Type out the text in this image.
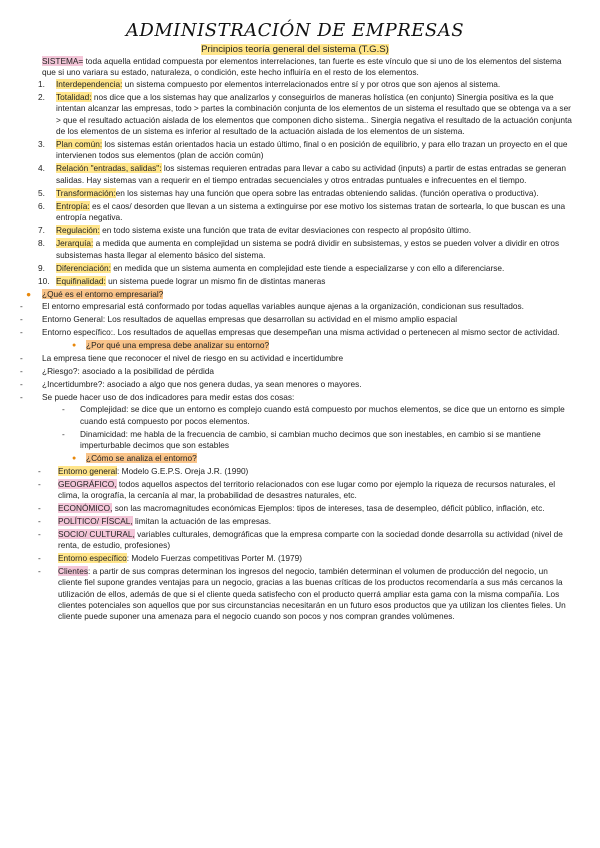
ADMINISTRACIÓN DE EMPRESAS
Principios teoría general del sistema (T.G.S)
SISTEMA= toda aquella entidad compuesta por elementos interrelaciones, tan fuerte es este vínculo que si uno de los elementos del sistema que si uno variara su estado, naturaleza, o condición, este hecho influiría en el resto de los elementos.
1. Interdependencia: un sistema compuesto por elementos interrelacionados entre sí y por otros que son ajenos al sistema.
2. Totalidad: nos dice que a los sistemas hay que analizarlos y conseguirlos de maneras holística (en conjunto) Sinergia positiva es la que intentan alcanzar las empresas, todo > partes la combinación conjunta de los elementos de un sistema el resultado que se obtenga va a ser > que el resultado actuación aislada de los elementos que componen dicho sistema.. Sinergia negativa el resultado de la actuación conjunta de los elementos de un sistema es inferior al resultado de la actuación aislada de los elementos de un sistema.
3. Plan común: los sistemas están orientados hacia un estado último, final o en posición de equilibrio, y para ello trazan un proyecto en el que intervienen todos sus elementos (plan de acción común)
4. Relación "entradas, salidas": los sistemas requieren entradas para llevar a cabo su actividad (inputs) a partir de estas entradas se generan salidas. Hay sistemas van a requerir en el tiempo entradas secuenciales y otros entradas puntuales e infrecuentes en el tiempo.
5. Transformación:en los sistemas hay una función que opera sobre las entradas obteniendo salidas. (función operativa o productiva).
6. Entropía: es el caos/ desorden que llevan a un sistema a extinguirse por ese motivo los sistemas tratan de sortearla, lo que buscan es una entropía negativa.
7. Regulación: en todo sistema existe una función que trata de evitar desviaciones con respecto al propósito último.
8. Jerarquía: a medida que aumenta en complejidad un sistema se podrá dividir en subsistemas, y estos se pueden volver a dividir en otros subsistemas hasta llegar al elemento básico del sistema.
9. Diferenciación: en medida que un sistema aumenta en complejidad este tiende a especializarse y con ello a diferenciarse.
10. Equifinalidad: un sistema puede lograr un mismo fin de distintas maneras
● ¿Qué es el entorno empresarial?
- El entorno empresarial está conformado por todas aquellas variables aunque ajenas a la organización, condicionan sus resultados.
- Entorno General: Los resultados de aquellas empresas que desarrollan su actividad en el mismo amplio espacial
- Entorno específico:. Los resultados de aquellas empresas que desempeñan una misma actividad o pertenecen al mismo sector de actividad.
● ¿Por qué una empresa debe analizar su entorno?
- La empresa tiene que reconocer el nivel de riesgo en su actividad e incertidumbre
- ¿Riesgo?: asociado a la posibilidad de pérdida
- ¿Incertidumbre?: asociado a algo que nos genera dudas, ya sean menores o mayores.
- Se puede hacer uso de dos indicadores para medir estas dos cosas:
- Complejidad: se dice que un entorno es complejo cuando está compuesto por muchos elementos, se dice que un entorno es simple cuando está compuesto por pocos elementos.
- Dinamicidad: me habla de la frecuencia de cambio, si cambian mucho decimos que son inestables, en cambio si se mantiene imperturbable decimos que son estables
● ¿Cómo se analiza el entorno?
- Entorno general: Modelo G.E.P.S. Oreja J.R. (1990)
- GEOGRÁFICO, todos aquellos aspectos del territorio relacionados con ese lugar como por ejemplo la riqueza de recursos naturales, el clima, la orografía, la cercanía al mar, la probabilidad de desastres naturales, etc.
- ECONÓMICO, son las macromagnitudes económicas Ejemplos: tipos de intereses, tasa de desempleo, déficit público, inflación, etc.
- POLÍTICO/ FÍSCAL, limitan la actuación de las empresas.
- SOCIO/ CULTURAL, variables culturales, demográficas que la empresa comparte con la sociedad donde desarrolla su actividad (nivel de renta, de estudio, profesiones)
- Entorno específico: Modelo Fuerzas competitivas Porter M. (1979)
- Clientes: a partir de sus compras determinan los ingresos del negocio, también determinan el volumen de producción del negocio, un cliente fiel supone grandes ventajas para un negocio, gracias a las buenas críticas de los productos recomendaría a sus más cercanos la utilización de ellos, además de que si el cliente queda satisfecho con el producto querrá ampliar esta gama con la misma compañía. Los clientes potenciales son aquellos que por sus circunstancias necesitarán en un futuro esos productos que ya utilizan los clientes fieles. Un cliente puede suponer una amenaza para el negocio cuando son pocos y nos compran grandes volúmenes.
